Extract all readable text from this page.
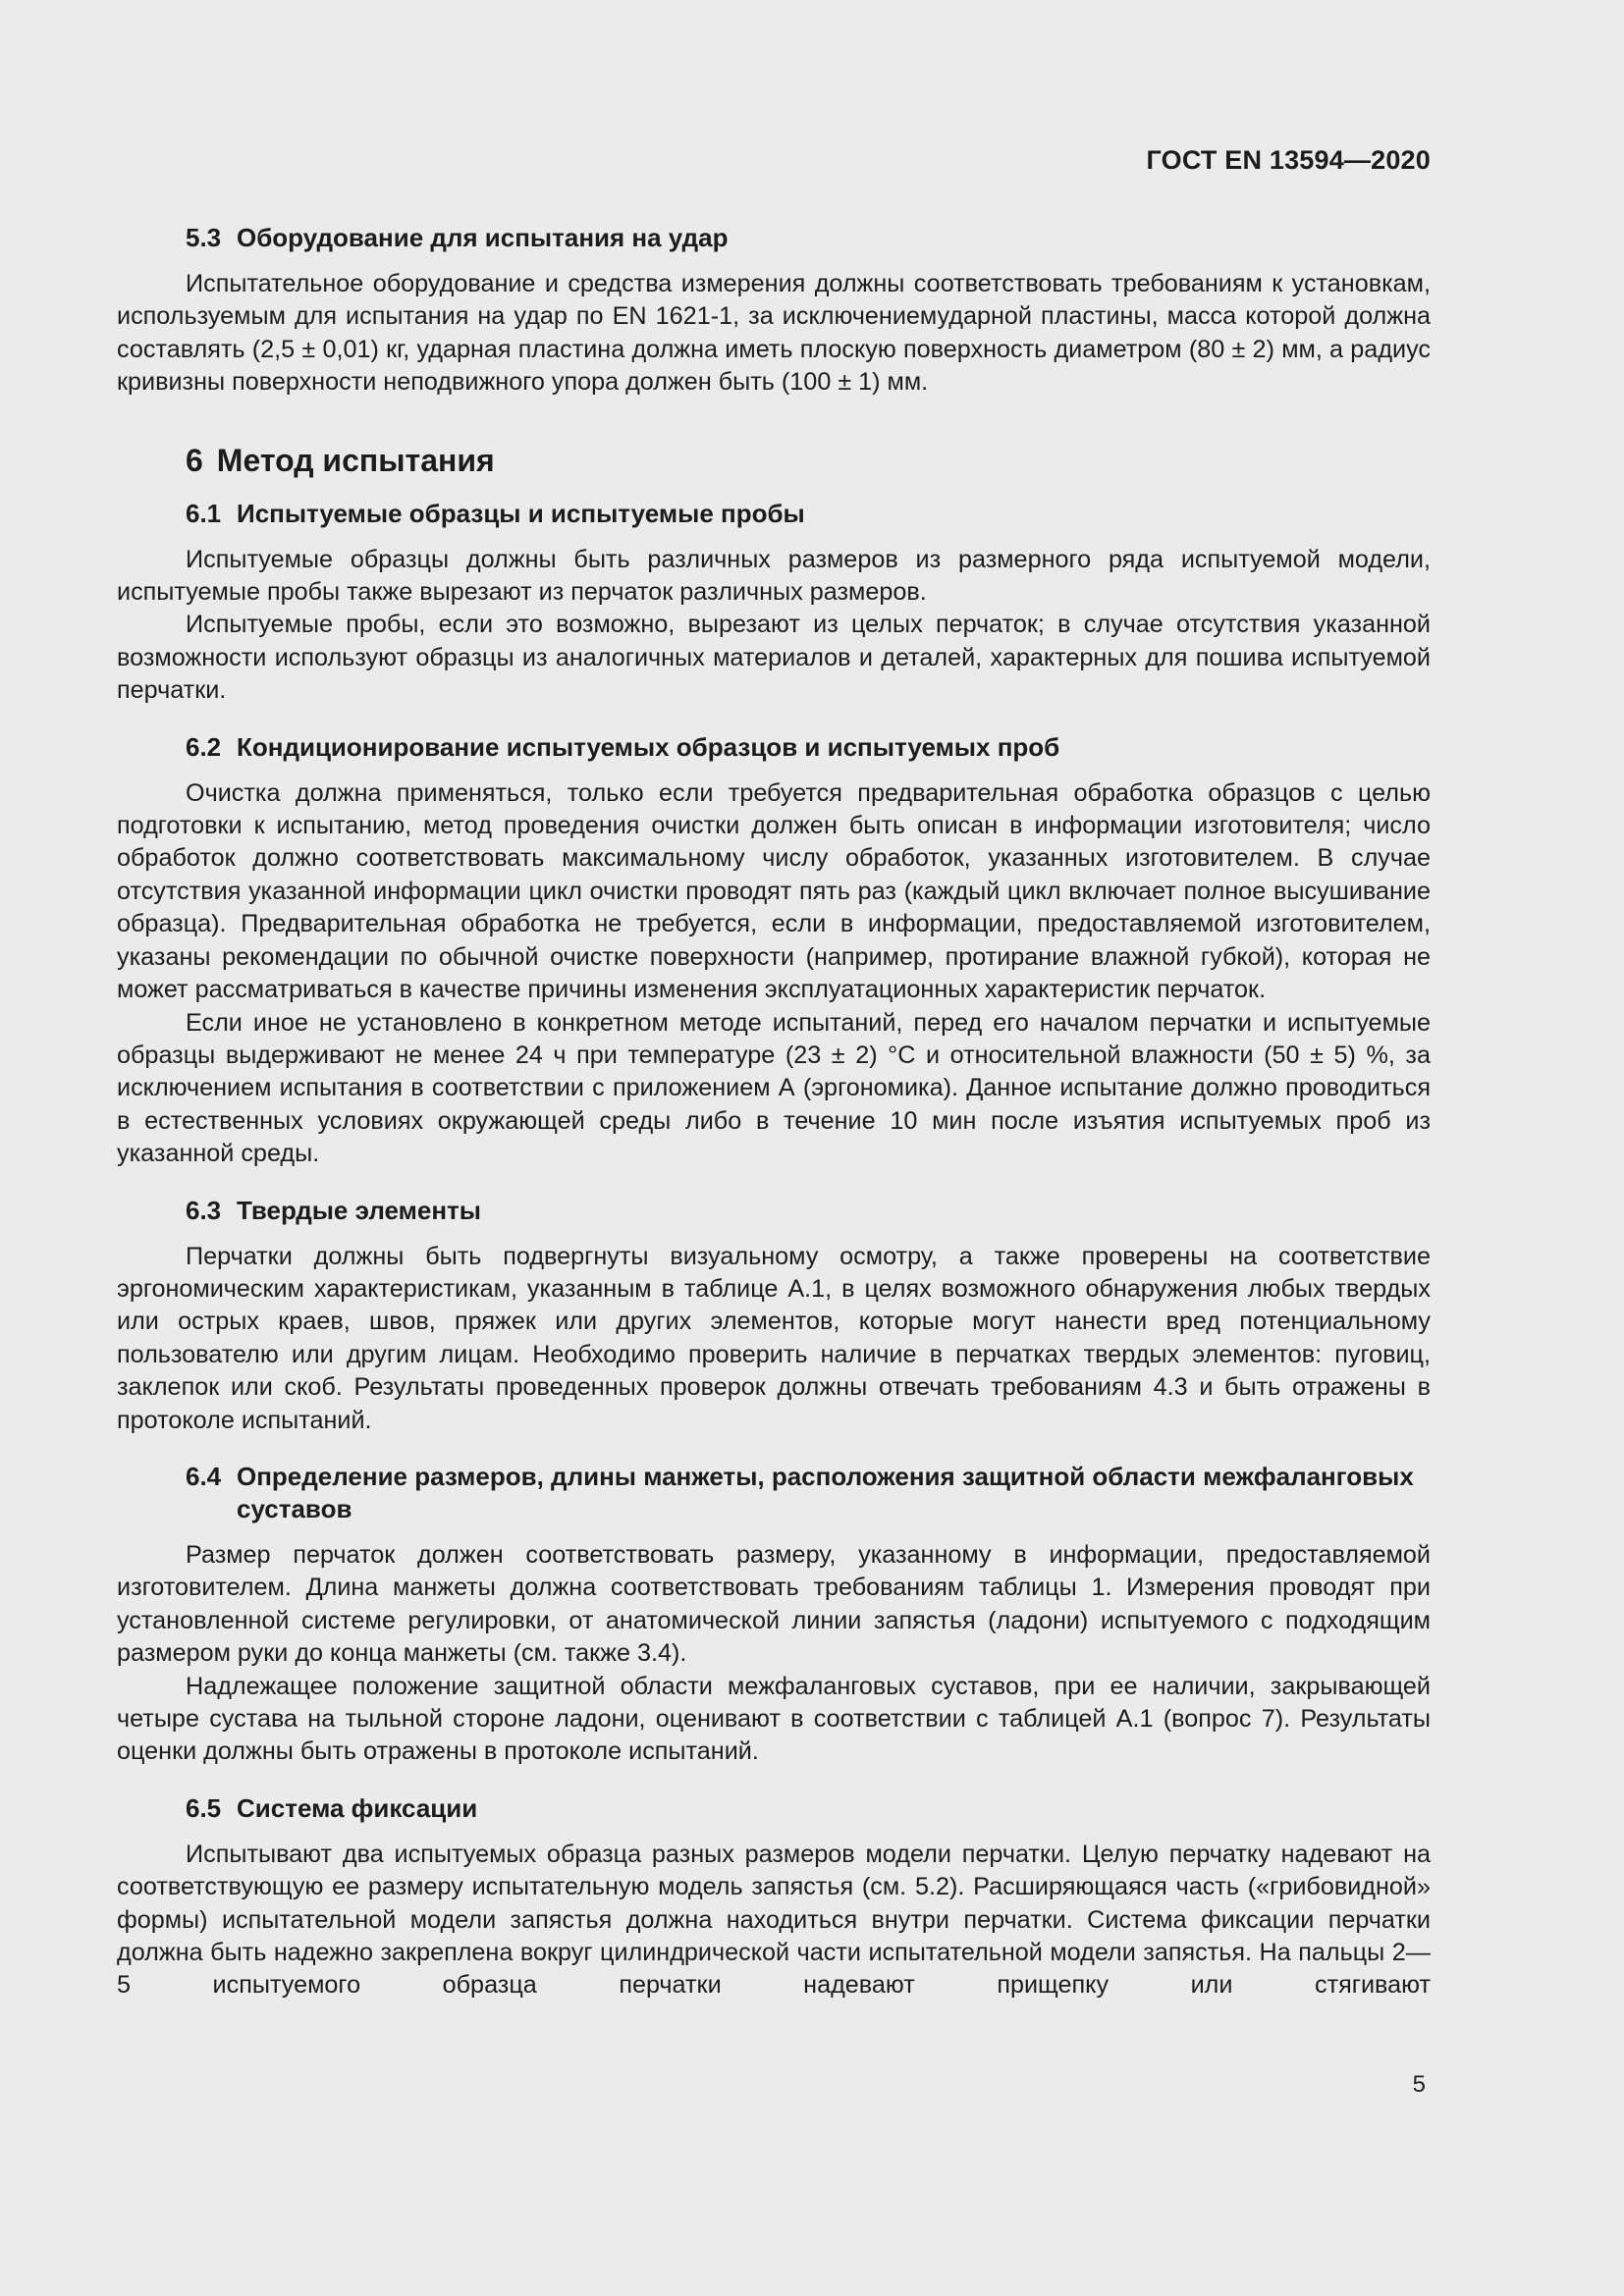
ГОСТ EN 13594—2020
5.3 Оборудование для испытания на удар

Испытательное оборудование и средства измерения должны соответствовать требованиям к установкам, используемым для испытания на удар по EN 1621-1, за исключениемударной пластины, масса которой должна составлять (2,5 ± 0,01) кг, ударная пластина должна иметь плоскую поверхность диаметром (80 ± 2) мм, а радиус кривизны поверхности неподвижного упора должен быть (100 ± 1) мм.

6 Метод испытания
6.1 Испытуемые образцы и испытуемые пробы

Испытуемые образцы должны быть различных размеров из размерного ряда испытуемой модели, испытуемые пробы также вырезают из перчаток различных размеров.

Испытуемые пробы, если это возможно, вырезают из целых перчаток; в случае отсутствия указанной возможности используют образцы из аналогичных материалов и деталей, характерных для пошива испытуемой перчатки.

6.2 Кондиционирование испытуемых образцов и испытуемых проб

Очистка должна применяться, только если требуется предварительная обработка образцов с целью подготовки к испытанию, метод проведения очистки должен быть описан в информации изготовителя; число обработок должно соответствовать максимальному числу обработок, указанных изготовителем. В случае отсутствия указанной информации цикл очистки проводят пять раз (каждый цикл включает полное высушивание образца). Предварительная обработка не требуется, если в информации, предоставляемой изготовителем, указаны рекомендации по обычной очистке поверхности (например, протирание влажной губкой), которая не может рассматриваться в качестве причины изменения эксплуатационных характеристик перчаток.

Если иное не установлено в конкретном методе испытаний, перед его началом перчатки и испытуемые образцы выдерживают не менее 24 ч при температуре (23 ± 2) °С и относительной влажности (50 ± 5) %, за исключением испытания в соответствии с приложением А (эргономика). Данное испытание должно проводиться в естественных условиях окружающей среды либо в течение 10 мин после изъятия испытуемых проб из указанной среды.

6.3 Твердые элементы

Перчатки должны быть подвергнуты визуальному осмотру, а также проверены на соответствие эргономическим характеристикам, указанным в таблице А.1, в целях возможного обнаружения любых твердых или острых краев, швов, пряжек или других элементов, которые могут нанести вред потенциальному пользователю или другим лицам. Необходимо проверить наличие в перчатках твердых элементов: пуговиц, заклепок или скоб. Результаты проведенных проверок должны отвечать требованиям 4.3 и быть отражены в протоколе испытаний.

6.4 Определение размеров, длины манжеты, расположения защитной области межфаланговых суставов

Размер перчаток должен соответствовать размеру, указанному в информации, предоставляемой изготовителем. Длина манжеты должна соответствовать требованиям таблицы 1. Измерения проводят при установленной системе регулировки, от анатомической линии запястья (ладони) испытуемого с подходящим размером руки до конца манжеты (см. также 3.4).

Надлежащее положение защитной области межфаланговых суставов, при ее наличии, закрывающей четыре сустава на тыльной стороне ладони, оценивают в соответствии с таблицей А.1 (вопрос 7). Результаты оценки должны быть отражены в протоколе испытаний.

6.5 Система фиксации

Испытывают два испытуемых образца разных размеров модели перчатки. Целую перчатку надевают на соответствующую ее размеру испытательную модель запястья (см. 5.2). Расширяющаяся часть («грибовидной» формы) испытательной модели запястья должна находиться внутри перчатки. Система фиксации перчатки должна быть надежно закреплена вокруг цилиндрической части испытательной модели запястья. На пальцы 2—5 испытуемого образца перчатки надевают прищепку или стягивают

5
